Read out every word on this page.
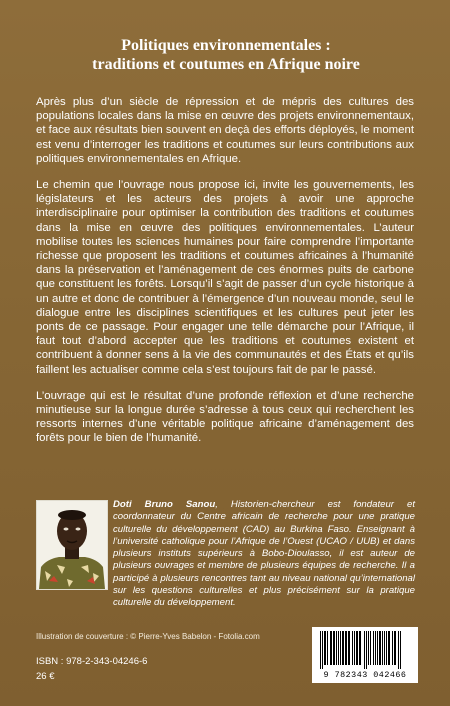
Politiques environnementales :
traditions et coutumes en Afrique noire

Après plus d’un siècle de répression et de mépris des cultures des populations locales dans la mise en œuvre des projets environnementaux, et face aux résultats bien souvent en deçà des efforts déployés, le moment est venu d’interroger les traditions et coutumes sur leurs contributions aux politiques environnementales en Afrique.

Le chemin que l’ouvrage nous propose ici, invite les gouvernements, les législateurs et les acteurs des projets à avoir une approche interdisciplinaire pour optimiser la contribution des traditions et coutumes dans la mise en œuvre des politiques environnementales. L’auteur mobilise toutes les sciences humaines pour faire comprendre l’importante richesse que proposent les traditions et coutumes africaines à l’humanité dans la préservation et l’aménagement de ces énormes puits de carbone que constituent les forêts. Lorsqu’il s’agit de passer d’un cycle historique à un autre et donc de contribuer à l’émergence d’un nouveau monde, seul le dialogue entre les disciplines scientifiques et les cultures peut jeter les ponts de ce passage. Pour engager une telle démarche pour l’Afrique, il faut tout d’abord accepter que les traditions et coutumes existent et contribuent à donner sens à la vie des communautés et des États et qu’ils faillent les actualiser comme cela s’est toujours fait de par le passé.

L’ouvrage qui est le résultat d’une profonde réflexion et d’une recherche minutieuse sur la longue durée s’adresse à tous ceux qui recherchent les ressorts internes d’une véritable politique africaine d’aménagement des forêts pour le bien de l’humanité.

Doti Bruno Sanou, Historien-chercheur est fondateur et coordonnateur du Centre africain de recherche pour une pratique culturelle du développement (CAD) au Burkina Faso. Enseignant à l’université catholique pour l’Afrique de l’Ouest (UCAO / UUB) et dans plusieurs instituts supérieurs à Bobo-Dioulasso, il est auteur de plusieurs ouvrages et membre de plusieurs équipes de recherche. Il a participé à plusieurs rencontres tant au niveau national qu’international sur les questions culturelles et plus précisément sur la pratique culturelle du développement.
Illustration de couverture : © Pierre-Yves Babelon - Fotolia.com
ISBN : 978-2-343-04246-6
26 €	9 782343 042466
